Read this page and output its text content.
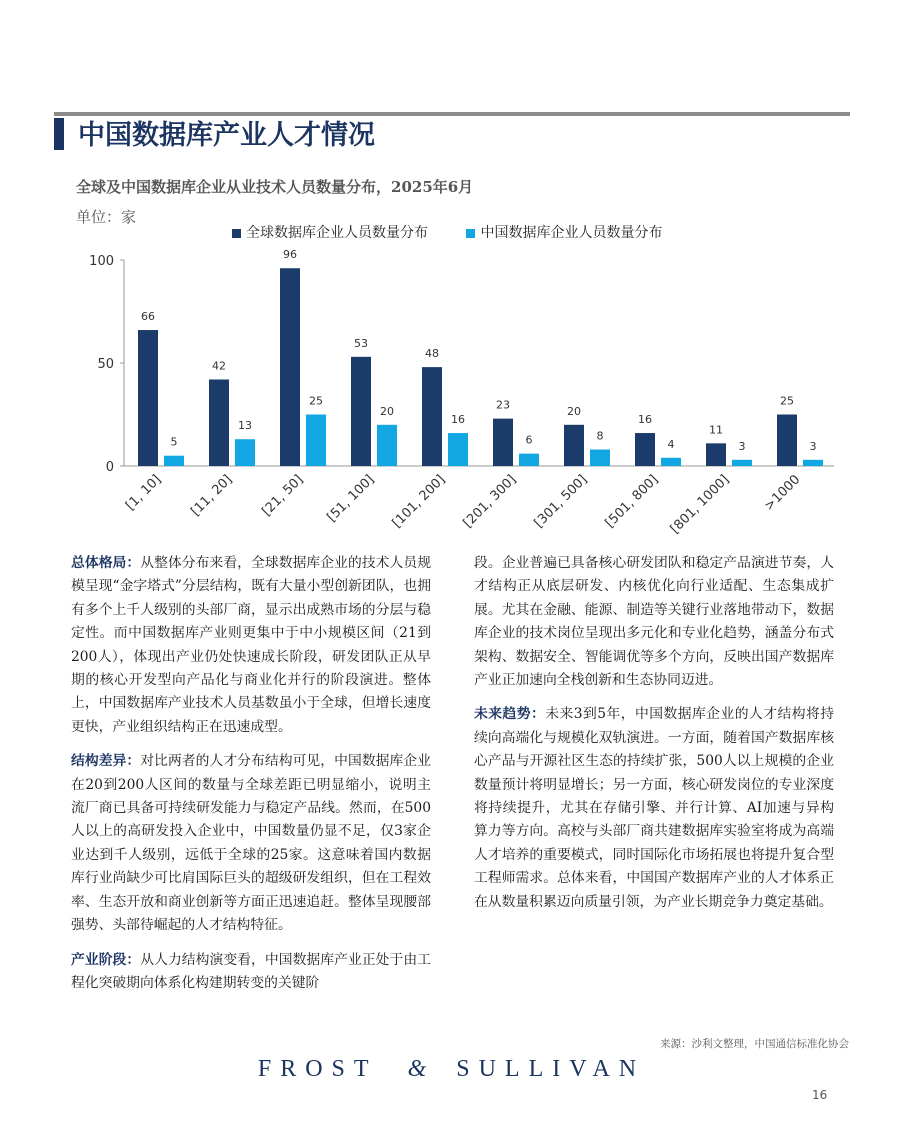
中国数据库产业人才情况
全球及中国数据库企业从业技术人员数量分布，2025年6月
单位：家
全球数据库企业人员数量分布	中国数据库企业人员数量分布
0
50
100
66
5
[1, 10]
42
13
[11, 20]
96
25
[21, 50]
53
20
[51, 100]
48
16
[101, 200]
23
6
[201, 300]
20
8
[301, 500]
16
4
[501, 800]
11
3
[801, 1000]
25
3
>1000

总体格局：从整体分布来看，全球数据库企业的技术人员规模呈现“金字塔式”分层结构，既有大量小型创新团队，也拥有多个上千人级别的头部厂商，显示出成熟市场的分层与稳定性。而中国数据库产业则更集中于中小规模区间（21到200人），体现出产业仍处快速成长阶段，研发团队正从早期的核心开发型向产品化与商业化并行的阶段演进。整体上，中国数据库产业技术人员基数虽小于全球，但增长速度更快，产业组织结构正在迅速成型。

结构差异：对比两者的人才分布结构可见，中国数据库企业在20到200人区间的数量与全球差距已明显缩小，说明主流厂商已具备可持续研发能力与稳定产品线。然而，在500人以上的高研发投入企业中，中国数量仍显不足，仅3家企业达到千人级别，远低于全球的25家。这意味着国内数据库行业尚缺少可比肩国际巨头的超级研发组织，但在工程效率、生态开放和商业创新等方面正迅速追赶。整体呈现腰部强势、头部待崛起的人才结构特征。

产业阶段：从人力结构演变看，中国数据库产业正处于由工程化突破期向体系化构建期转变的关键阶

段。企业普遍已具备核心研发团队和稳定产品演进节奏，人才结构正从底层研发、内核优化向行业适配、生态集成扩展。尤其在金融、能源、制造等关键行业落地带动下，数据库企业的技术岗位呈现出多元化和专业化趋势，涵盖分布式架构、数据安全、智能调优等多个方向，反映出国产数据库产业正加速向全栈创新和生态协同迈进。

未来趋势：未来3到5年，中国数据库企业的人才结构将持续向高端化与规模化双轨演进。一方面，随着国产数据库核心产品与开源社区生态的持续扩张，500人以上规模的企业数量预计将明显增长；另一方面，核心研发岗位的专业深度将持续提升，尤其在存储引擎、并行计算、AI加速与异构算力等方向。高校与头部厂商共建数据库实验室将成为高端人才培养的重要模式，同时国际化市场拓展也将提升复合型工程师需求。总体来看，中国国产数据库产业的人才体系正在从数量积累迈向质量引领，为产业长期竞争力奠定基础。

来源：沙利文整理，中国通信标准化协会
FROST & SULLIVAN
16
